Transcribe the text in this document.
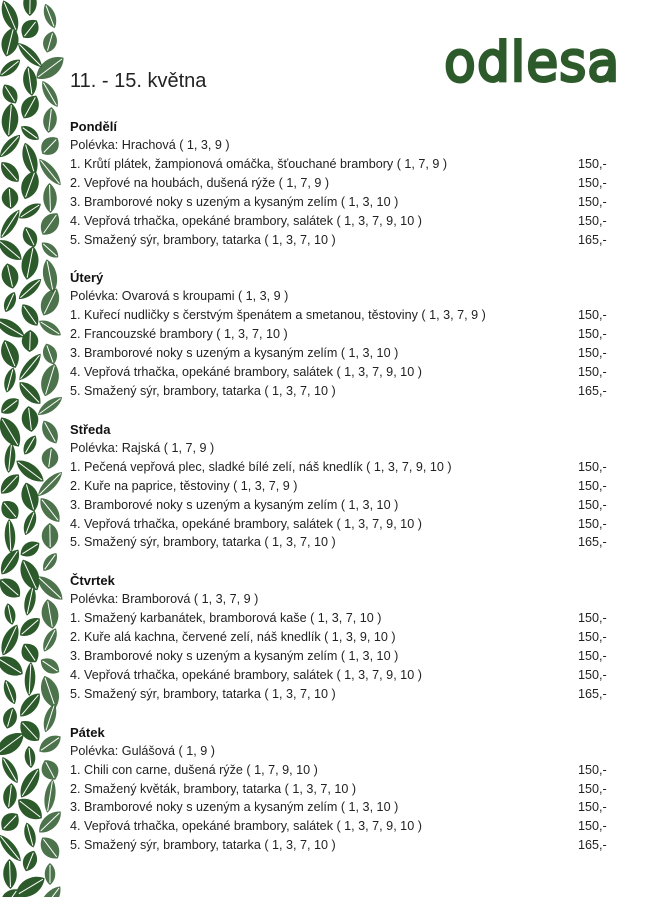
odlesa
11. - 15. května
Pondělí
Polévka: Hrachová ( 1, 3, 9 )
1. Krůtí plátek, žampionová omáčka, šťouchané brambory ( 1, 7, 9 )	150,-
2. Vepřové na houbách, dušená rýže ( 1, 7, 9 )	150,-
3. Bramborové noky s uzeným a kysaným zelím ( 1, 3, 10 )	150,-
4. Vepřová trhačka, opekáné brambory, salátek ( 1, 3, 7, 9, 10 )	150,-
5. Smažený sýr, brambory, tatarka ( 1, 3, 7, 10 )	165,-
Úterý
Polévka: Ovarová s kroupami ( 1, 3, 9 )
1. Kuřecí nudličky s čerstvým špenátem a smetanou, těstoviny ( 1, 3, 7, 9 )	150,-
2. Francouzské brambory ( 1, 3, 7, 10 )	150,-
3. Bramborové noky s uzeným a kysaným zelím ( 1, 3, 10 )	150,-
4. Vepřová trhačka, opekáné brambory, salátek ( 1, 3, 7, 9, 10 )	150,-
5. Smažený sýr, brambory, tatarka ( 1, 3, 7, 10 )	165,-
Středa
Polévka: Rajská ( 1, 7, 9 )
1. Pečená vepřová plec, sladké bílé zelí, náš knedlík ( 1, 3, 7, 9, 10 )	150,-
2. Kuře na paprice, těstoviny ( 1, 3, 7, 9 )	150,-
3. Bramborové noky s uzeným a kysaným zelím ( 1, 3, 10 )	150,-
4. Vepřová trhačka, opekáné brambory, salátek ( 1, 3, 7, 9, 10 )	150,-
5. Smažený sýr, brambory, tatarka ( 1, 3, 7, 10 )	165,-
Čtvrtek
Polévka: Bramborová ( 1, 3, 7, 9 )
1. Smažený karbanátek, bramborová kaše ( 1, 3, 7, 10 )	150,-
2. Kuře alá kachna, červené zelí, náš knedlík ( 1, 3, 9, 10 )	150,-
3. Bramborové noky s uzeným a kysaným zelím ( 1, 3, 10 )	150,-
4. Vepřová trhačka, opekáné brambory, salátek ( 1, 3, 7, 9, 10 )	150,-
5. Smažený sýr, brambory, tatarka ( 1, 3, 7, 10 )	165,-
Pátek
Polévka: Gulášová ( 1, 9 )
1. Chili con carne, dušená rýže ( 1, 7, 9, 10 )	150,-
2. Smažený květák, brambory, tatarka ( 1, 3, 7, 10 )	150,-
3. Bramborové noky s uzeným a kysaným zelím ( 1, 3, 10 )	150,-
4. Vepřová trhačka, opekáné brambory, salátek ( 1, 3, 7, 9, 10 )	150,-
5. Smažený sýr, brambory, tatarka ( 1, 3, 7, 10 )	165,-
